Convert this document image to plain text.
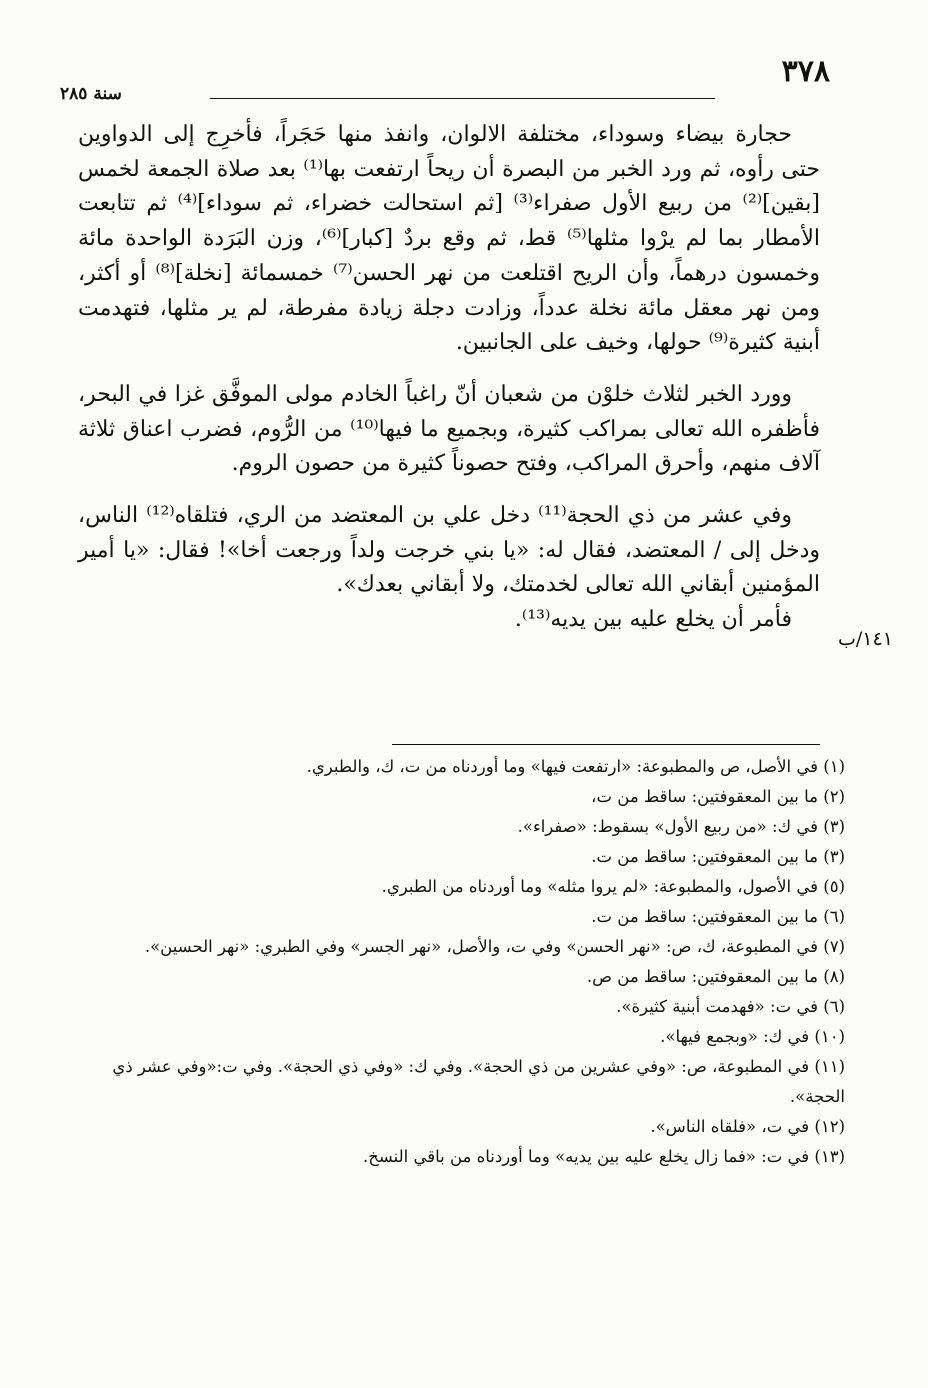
٣٧٨
سنة ٢٨٥

حجارة بيضاء وسوداء، مختلفة الالوان، وانفذ منها حَجَراً، فأخرِج إلى الدواوين حتى رأوه، ثم ورد الخبر من البصرة أن ريحاً ارتفعت بها⁽¹⁾ بعد صلاة الجمعة لخمس [بقين]⁽²⁾ من ربيع الأول صفراء⁽³⁾ [ثم استحالت خضراء، ثم سوداء]⁽⁴⁾ ثم تتابعت الأمطار بما لم يرْوا مثلها⁽⁵⁾ قط، ثم وقع بردٌ [كبار]⁽⁶⁾، وزن البَرَدة الواحدة مائة وخمسون درهماً، وأن الريح اقتلعت من نهر الحسن⁽⁷⁾ خمسمائة [نخلة]⁽⁸⁾ أو أكثر، ومن نهر معقل مائة نخلة عدداً، وزادت دجلة زيادة مفرطة، لم ير مثلها، فتهدمت أبنية كثيرة⁽⁹⁾ حولها، وخيف على الجانبين.

وورد الخبر لثلاث خلوْن من شعبان أنّ راغباً الخادم مولى الموفَّق غزا في البحر، فأظفره الله تعالى بمراكب كثيرة، وبجميع ما فيها⁽¹⁰⁾ من الرُّوم، فضرب اعناق ثلاثة آلاف منهم، وأحرق المراكب، وفتح حصوناً كثيرة من حصون الروم.

وفي عشر من ذي الحجة⁽¹¹⁾ دخل علي بن المعتضد من الري، فتلقاه⁽¹²⁾ الناس، ودخل إلى / المعتضد، فقال له: «يا بني خرجت ولداً ورجعت أخا»! فقال: «يا أمير المؤمنين أبقاني الله تعالى لخدمتك، ولا أبقاني بعدك».

فأمر أن يخلع عليه بين يديه⁽¹³⁾.

١٤١/ب

(١) في الأصل، ص والمطبوعة: «ارتفعت فيها» وما أوردناه من ت، ك، والطبري.

(٢) ما بين المعقوفتين: ساقط من ت،

(٣) في ك: «من ربيع الأول» بسقوط: «صفراء».

(٣) ما بين المعقوفتين: ساقط من ت.

(٥) في الأصول، والمطبوعة: «لم يروا مثله» وما أوردناه من الطبري.

(٦) ما بين المعقوفتين: ساقط من ت.

(٧) في المطبوعة، ك، ص: «نهر الحسن» وفي ت، والأصل، «نهر الجسر» وفي الطبري: «نهر الحسين».

(٨) ما بين المعقوفتين: ساقط من ص.

(٦) في ت: «فهدمت أبنية كثيرة».

(١٠) في ك: «وبجمع فيها».

(١١) في المطبوعة، ص: «وفي عشرين من ذي الحجة». وفي ك: «وفي ذي الحجة». وفي ت:«وفي عشر ذي الحجة».

(١٢) في ت، «فلقاه الناس».

(١٣) في ت: «فما زال يخلع عليه بين يديه» وما أوردناه من باقي النسخ.
